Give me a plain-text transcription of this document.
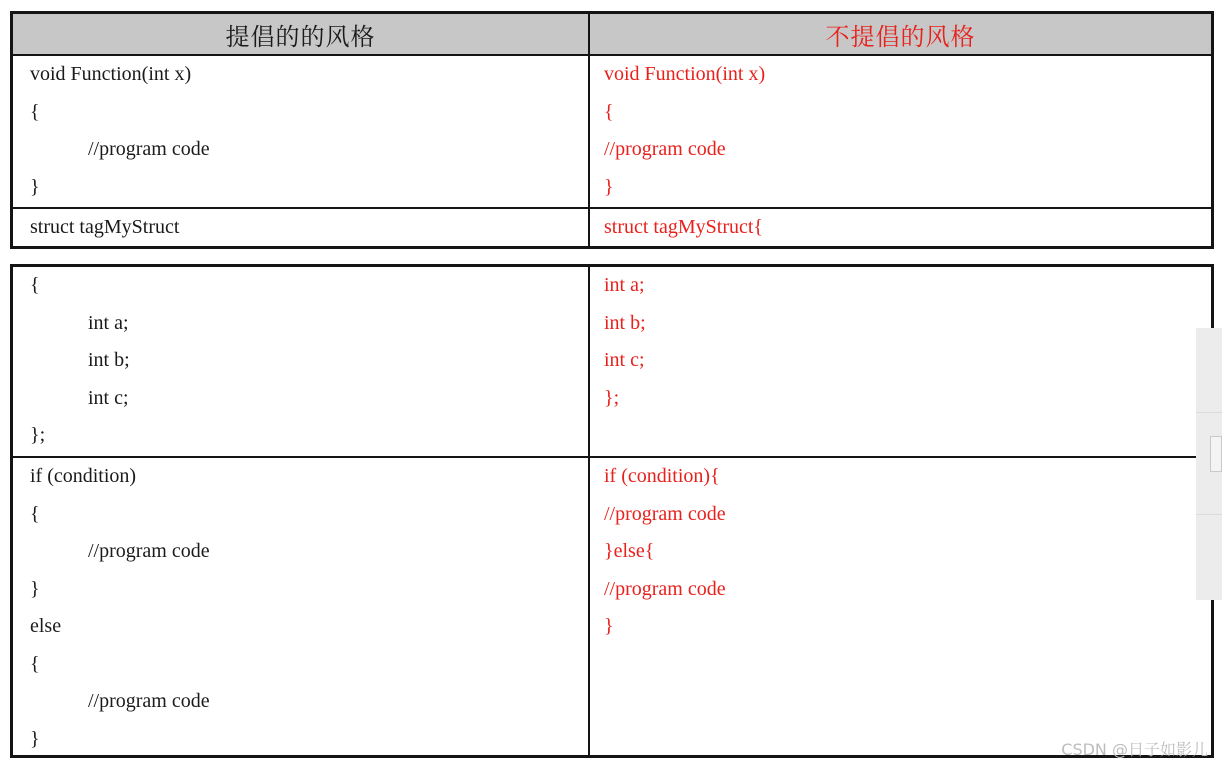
提倡的的风格	不提倡的风格
void Function(int x)
{
//program code
}
void Function(int x)
{
//program code
}
struct tagMyStruct	struct tagMyStruct{
{
int a;
int b;
int c;
};
int a;
int b;
int c;
};
if (condition)
{
//program code
}
else
{
//program code
}
if (condition){
//program code
}else{
//program code
}
CSDN @日子如影儿
